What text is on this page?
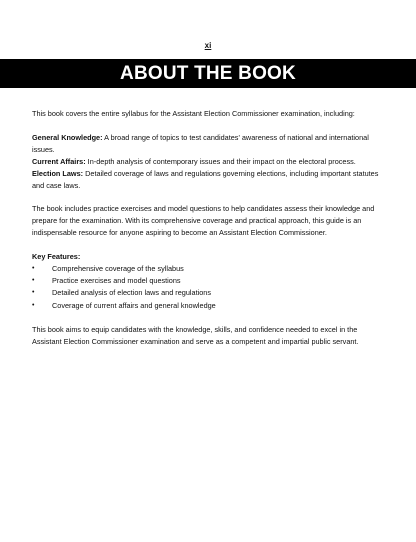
xi
ABOUT THE BOOK

This book covers the entire syllabus for the Assistant Election Commissioner examination, including:

General Knowledge: A broad range of topics to test candidates' awareness of national and international issues.

Current Affairs: In-depth analysis of contemporary issues and their impact on the electoral process.

Election Laws: Detailed coverage of laws and regulations governing elections, including important statutes and case laws.

The book includes practice exercises and model questions to help candidates assess their knowledge and prepare for the examination. With its comprehensive coverage and practical approach, this guide is an indispensable resource for anyone aspiring to become an Assistant Election Commissioner.

Key Features:

•	Comprehensive coverage of the syllabus
•	Practice exercises and model questions
•	Detailed analysis of election laws and regulations
•	Coverage of current affairs and general knowledge

This book aims to equip candidates with the knowledge, skills, and confidence needed to excel in the Assistant Election Commissioner examination and serve as a competent and impartial public servant.
